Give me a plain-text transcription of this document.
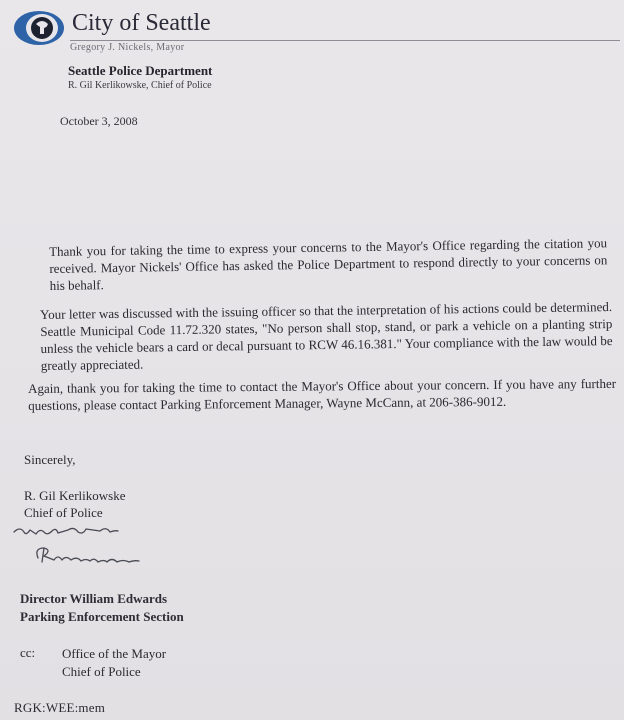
City of Seattle
Gregory J. Nickels, Mayor
Seattle Police Department
R. Gil Kerlikowske, Chief of Police
October 3, 2008
Thank you for taking the time to express your concerns to the Mayor's Office regarding the citation you received. Mayor Nickels' Office has asked the Police Department to respond directly to your concerns on his behalf.
Your letter was discussed with the issuing officer so that the interpretation of his actions could be determined. Seattle Municipal Code 11.72.320 states, "No person shall stop, stand, or park a vehicle on a planting strip unless the vehicle bears a card or decal pursuant to RCW 46.16.381." Your compliance with the law would be greatly appreciated.
Again, thank you for taking the time to contact the Mayor's Office about your concern. If you have any further questions, please contact Parking Enforcement Manager, Wayne McCann, at 206-386-9012.
Sincerely,
R. Gil Kerlikowske
Chief of Police
Director William Edwards
Parking Enforcement Section
cc: Office of the Mayor
Chief of Police
RGK:WEE:mem
